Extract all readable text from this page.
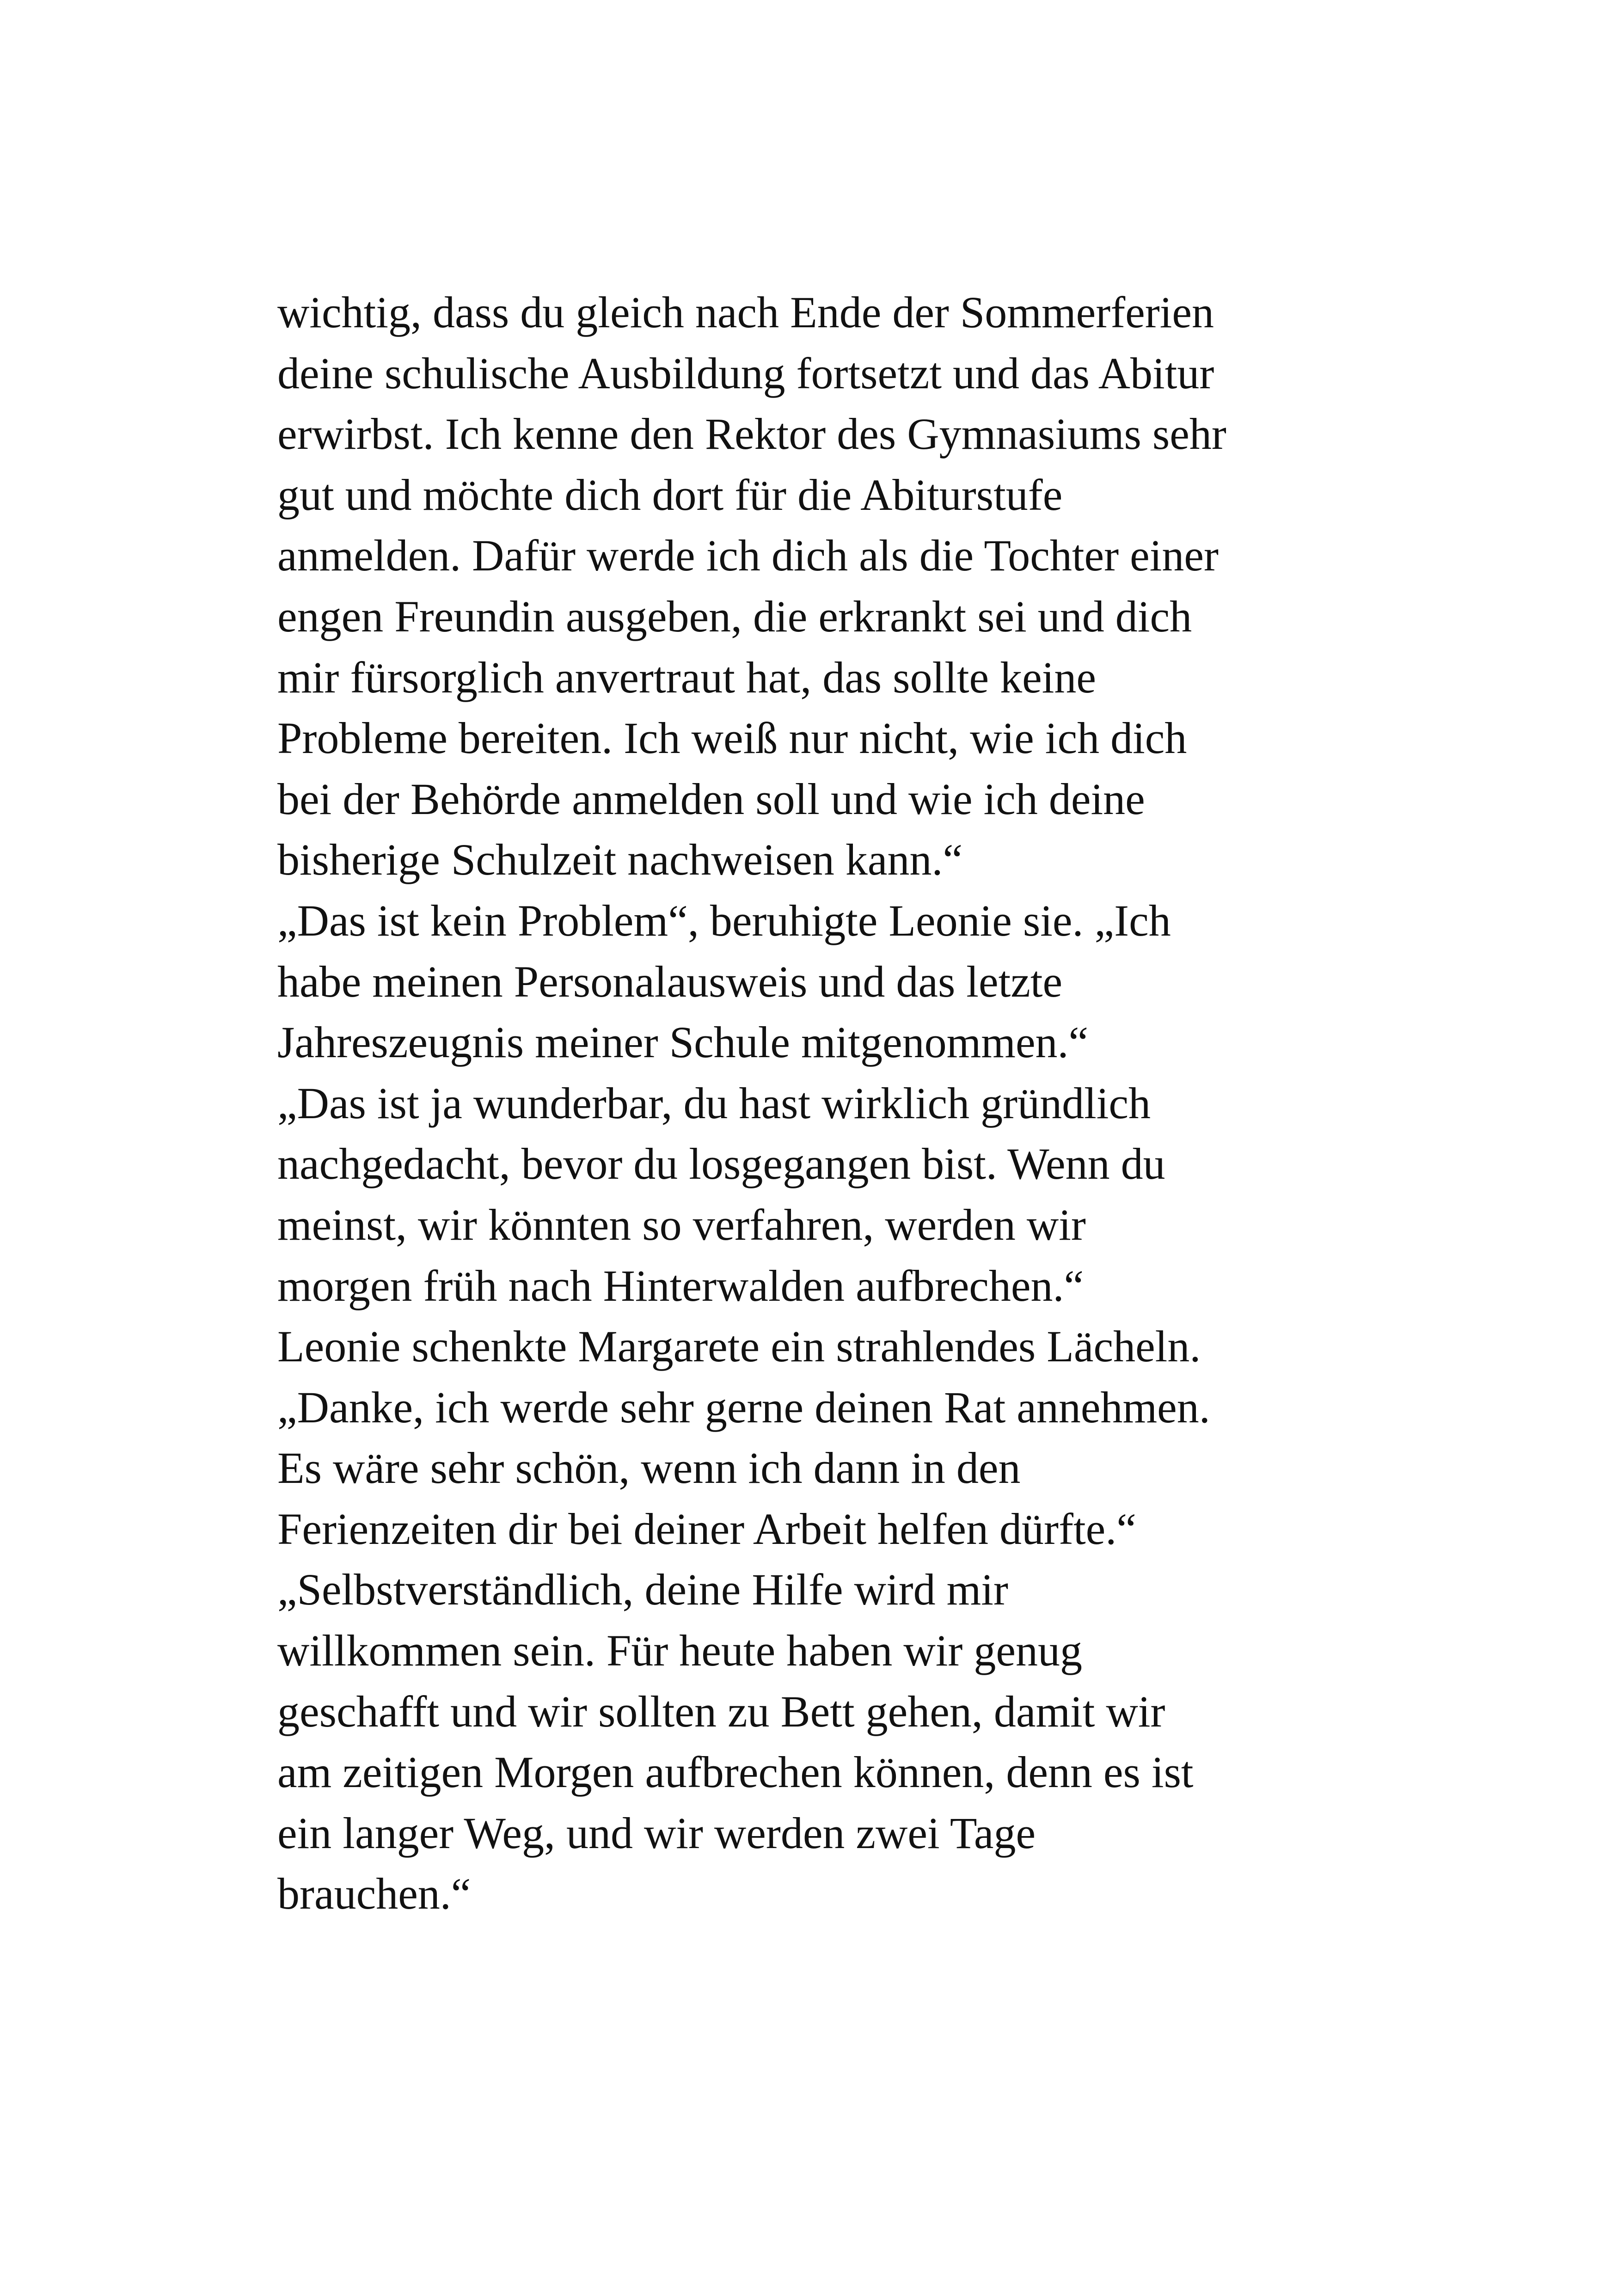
wichtig, dass du gleich nach Ende der Sommerferien
deine schulische Ausbildung fortsetzt und das Abitur
erwirbst. Ich kenne den Rektor des Gymnasiums sehr
gut und möchte dich dort für die Abiturstufe
anmelden. Dafür werde ich dich als die Tochter einer
engen Freundin ausgeben, die erkrankt sei und dich
mir fürsorglich anvertraut hat, das sollte keine
Probleme bereiten. Ich weiß nur nicht, wie ich dich
bei der Behörde anmelden soll und wie ich deine
bisherige Schulzeit nachweisen kann.“
„Das ist kein Problem“, beruhigte Leonie sie. „Ich
habe meinen Personalausweis und das letzte
Jahreszeugnis meiner Schule mitgenommen.“
„Das ist ja wunderbar, du hast wirklich gründlich
nachgedacht, bevor du losgegangen bist. Wenn du
meinst, wir könnten so verfahren, werden wir
morgen früh nach Hinterwalden aufbrechen.“
Leonie schenkte Margarete ein strahlendes Lächeln.
„Danke, ich werde sehr gerne deinen Rat annehmen.
Es wäre sehr schön, wenn ich dann in den
Ferienzeiten dir bei deiner Arbeit helfen dürfte.“
„Selbstverständlich, deine Hilfe wird mir
willkommen sein. Für heute haben wir genug
geschafft und wir sollten zu Bett gehen, damit wir
am zeitigen Morgen aufbrechen können, denn es ist
ein langer Weg, und wir werden zwei Tage
brauchen.“
